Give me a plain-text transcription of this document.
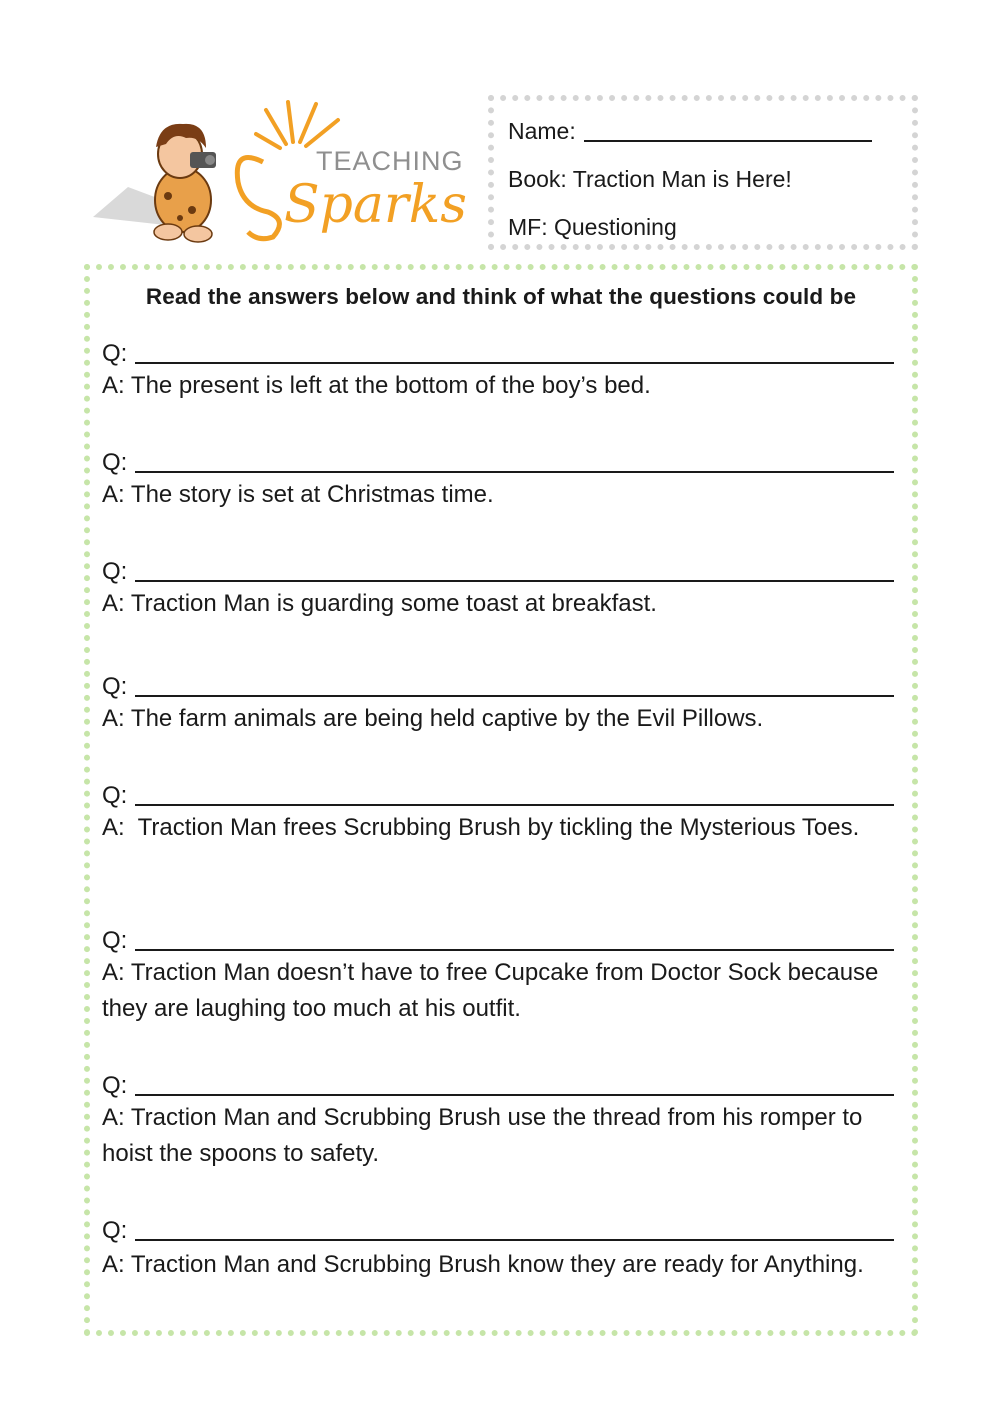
TEACHING
Sparks
Name:
Book: Traction Man is Here!
MF: Questioning
Read the answers below and think of what the questions could be
Q:
A: The present is left at the bottom of the boy’s bed.
Q:
A: The story is set at Christmas time.
Q:
A: Traction Man is guarding some toast at breakfast.
Q:
A: The farm animals are being held captive by the Evil Pillows.
Q:
A:  Traction Man frees Scrubbing Brush by tickling the Mysterious Toes.
Q:
A: Traction Man doesn’t have to free Cupcake from Doctor Sock because they are laughing too much at his outfit.
Q:
A: Traction Man and Scrubbing Brush use the thread from his romper to hoist the spoons to safety.
Q:
A: Traction Man and Scrubbing Brush know they are ready for Anything.
